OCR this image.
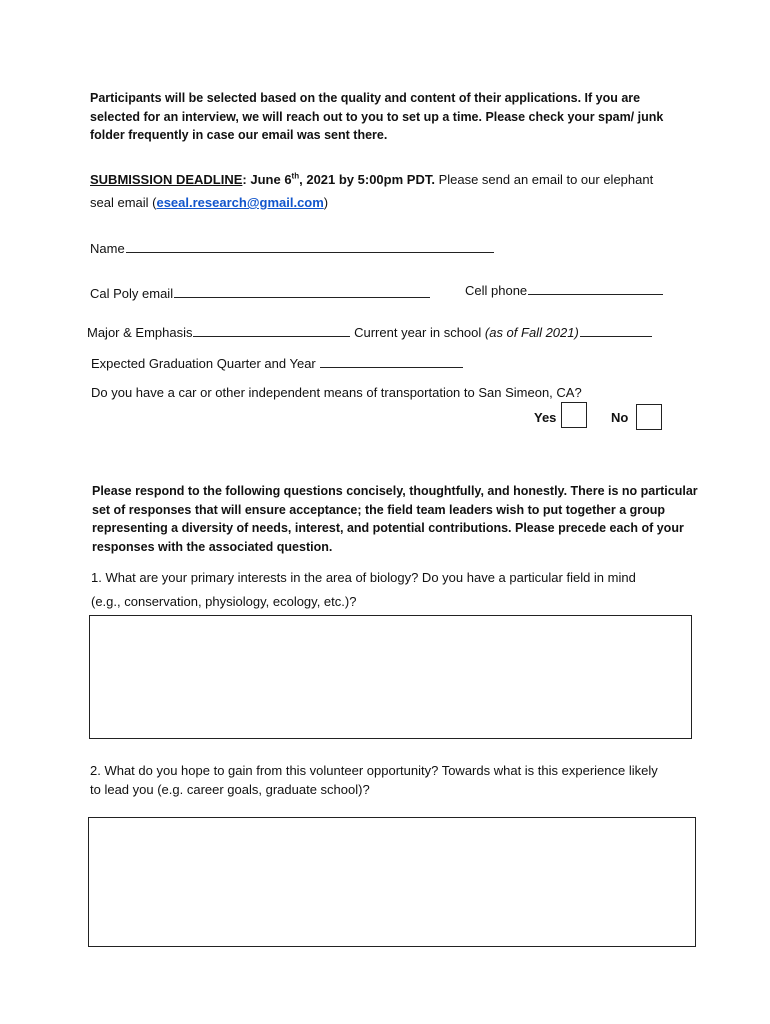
Participants will be selected based on the quality and content of their applications. If you are selected for an interview, we will reach out to you to set up a time. Please check your spam/ junk folder frequently in case our email was sent there.
SUBMISSION DEADLINE: June 6th, 2021 by 5:00pm PDT. Please send an email to our elephant
seal email (eseal.research@gmail.com)
Name
Cal Poly email	Cell phone
Major & Emphasis	Current year in school (as of Fall 2021)
Expected Graduation Quarter and Year
Do you have a car or other independent means of transportation to San Simeon, CA?
Yes	No
Please respond to the following questions concisely, thoughtfully, and honestly. There is no particular set of responses that will ensure acceptance; the field team leaders wish to put together a group representing a diversity of needs, interest, and potential contributions. Please precede each of your responses with the associated question.
1. What are your primary interests in the area of biology? Do you have a particular field in mind
(e.g., conservation, physiology, ecology, etc.)?
2. What do you hope to gain from this volunteer opportunity? Towards what is this experience likely
to lead you (e.g. career goals, graduate school)?
